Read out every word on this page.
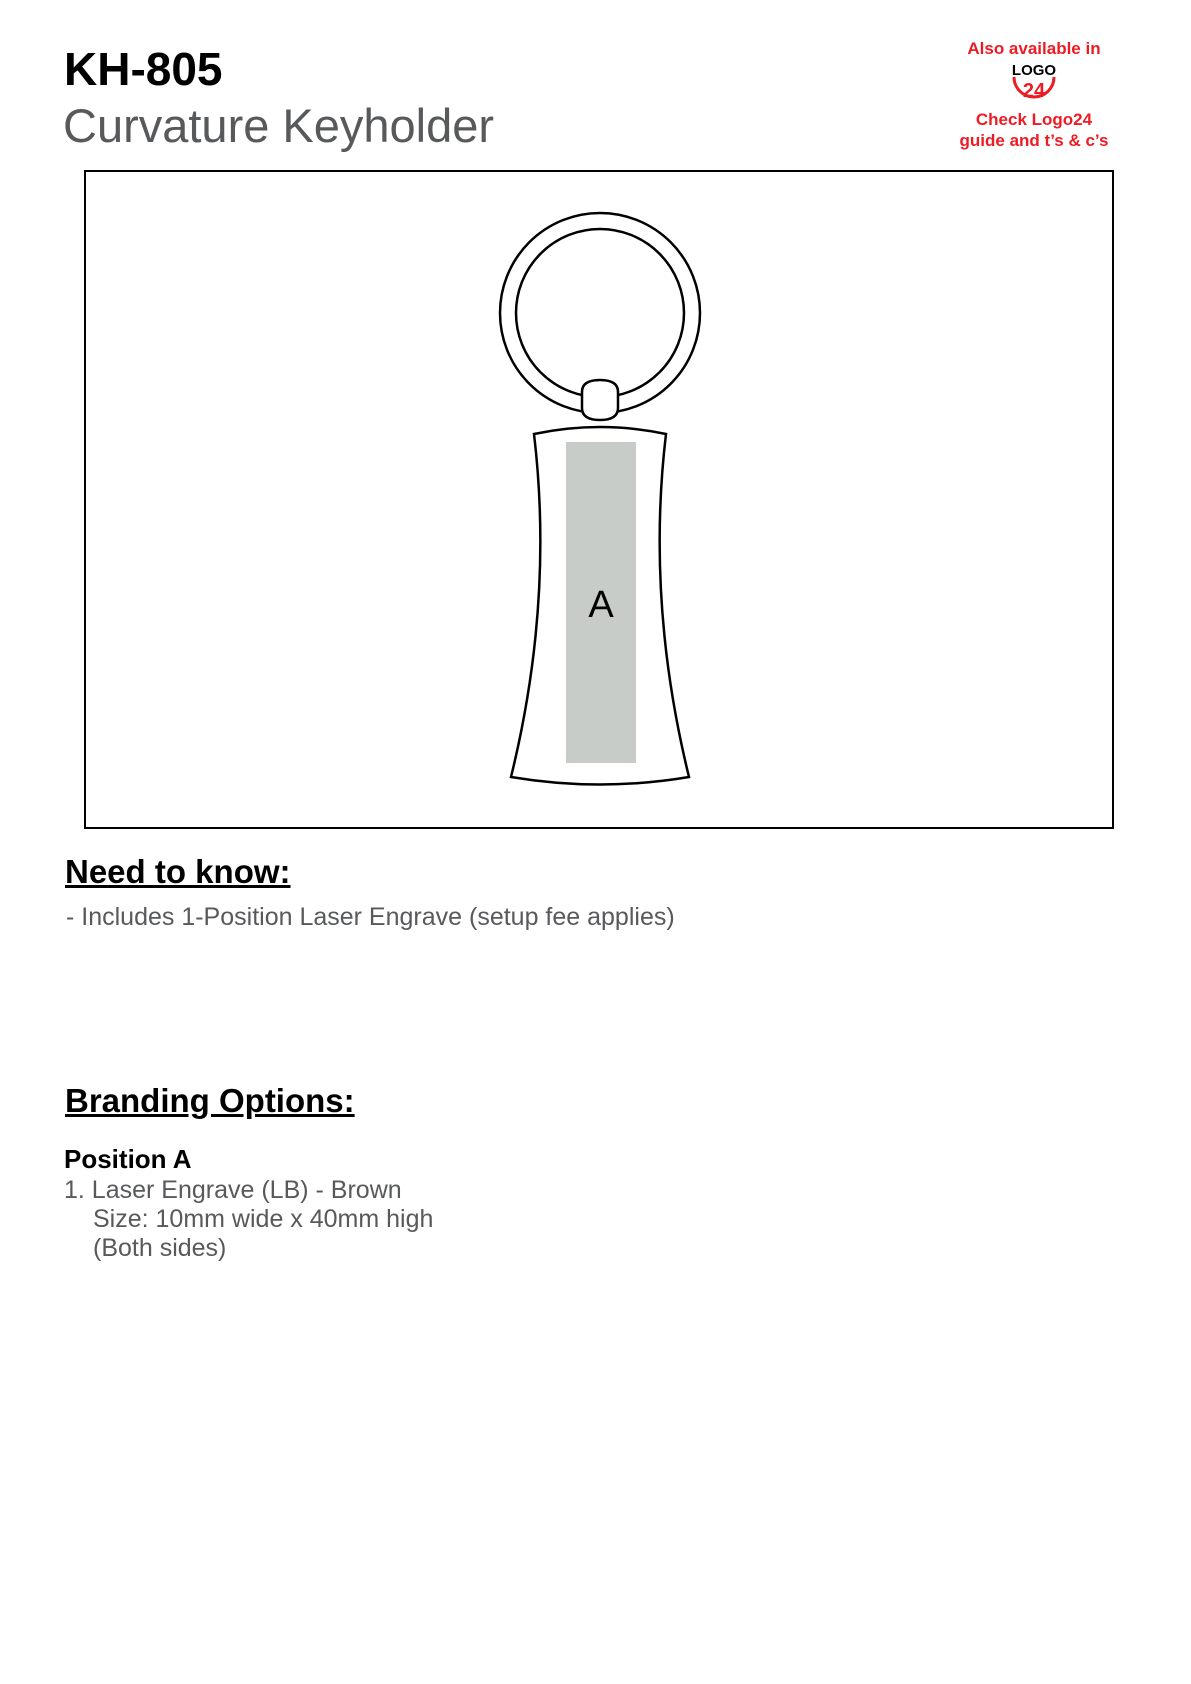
KH-805
Curvature Keyholder
Also available in
LOGO
24
Check Logo24
guide and t’s & c’s
A
Need to know:
- Includes 1-Position Laser Engrave (setup fee applies)
Branding Options:
Position A
1. Laser Engrave (LB) - Brown
Size: 10mm wide x 40mm high
(Both sides)
